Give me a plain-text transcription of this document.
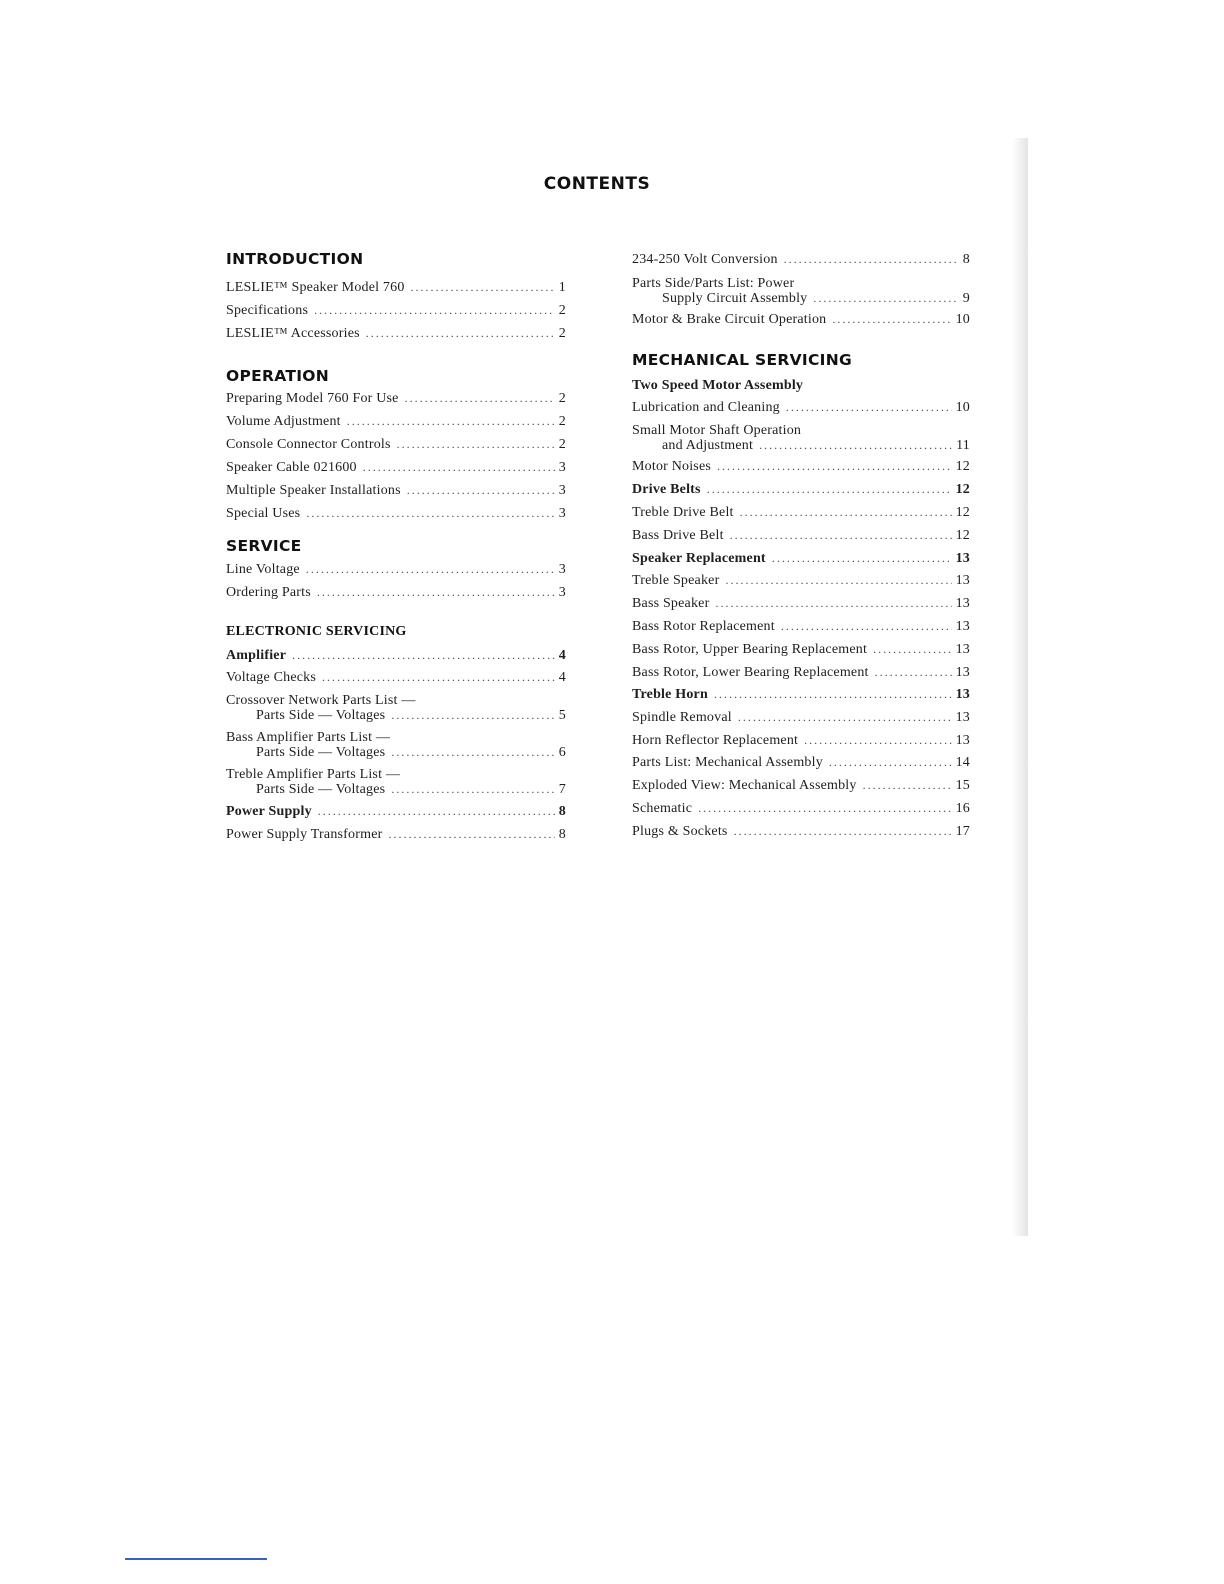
CONTENTS
INTRODUCTION
LESLIE™ Speaker Model 760 .....	1
Specifications .....	2
LESLIE™ Accessories .....	2
OPERATION
Preparing Model 760 For Use .....	2
Volume Adjustment .....	2
Console Connector Controls .....	2
Speaker Cable 021600 .....	3
Multiple Speaker Installations .....	3
Special Uses .....	3
SERVICE
Line Voltage .....	3
Ordering Parts .....	3
ELECTRONIC SERVICING
Amplifier .....	4
Voltage Checks .....	4
Crossover Network Parts List —
Parts Side — Voltages .....	5
Bass Amplifier Parts List —
Parts Side — Voltages .....	6
Treble Amplifier Parts List —
Parts Side — Voltages .....	7
Power Supply .....	8
Power Supply Transformer .....	8
234-250 Volt Conversion .....	8
Parts Side/Parts List: Power
Supply Circuit Assembly .....	9
Motor & Brake Circuit Operation .....	10
MECHANICAL SERVICING
Two Speed Motor Assembly
Lubrication and Cleaning .....	10
Small Motor Shaft Operation
and Adjustment .....	11
Motor Noises .....	12
Drive Belts .....	12
Treble Drive Belt .....	12
Bass Drive Belt .....	12
Speaker Replacement .....	13
Treble Speaker .....	13
Bass Speaker .....	13
Bass Rotor Replacement .....	13
Bass Rotor, Upper Bearing Replacement .....	13
Bass Rotor, Lower Bearing Replacement .....	13
Treble Horn .....	13
Spindle Removal .....	13
Horn Reflector Replacement .....	13
Parts List: Mechanical Assembly .....	14
Exploded View: Mechanical Assembly .....	15
Schematic .....	16
Plugs & Sockets .....	17
